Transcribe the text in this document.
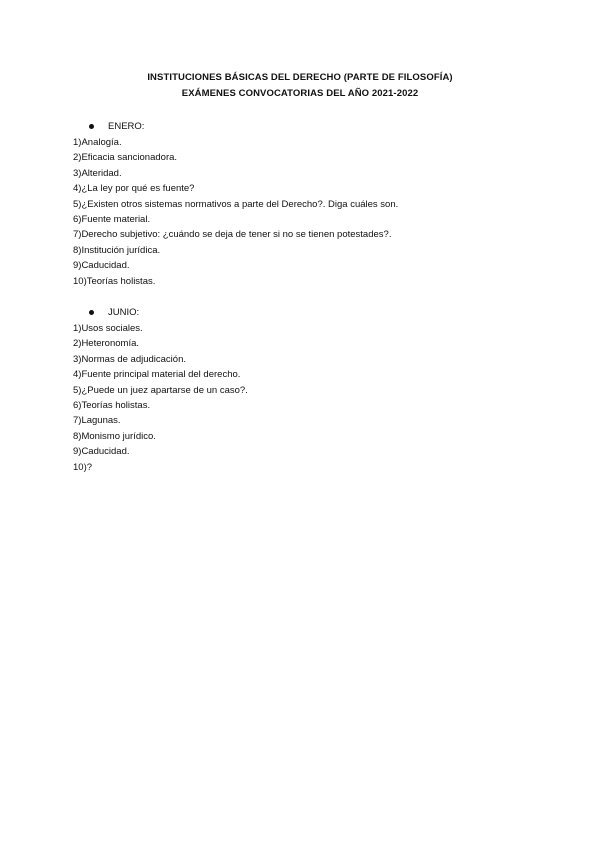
INSTITUCIONES BÁSICAS DEL DERECHO (PARTE DE FILOSOFÍA)
EXÁMENES CONVOCATORIAS DEL AÑO 2021-2022
ENERO:
1)Analogía.
2)Eficacia sancionadora.
3)Alteridad.
4)¿La ley por qué es fuente?
5)¿Existen otros sistemas normativos a parte del Derecho?. Diga cuáles son.
6)Fuente material.
7)Derecho subjetivo: ¿cuándo se deja de tener si no se tienen potestades?.
8)Institución jurídica.
9)Caducidad.
10)Teorías holistas.
JUNIO:
1)Usos sociales.
2)Heteronomía.
3)Normas de adjudicación.
4)Fuente principal material del derecho.
5)¿Puede un juez apartarse de un caso?.
6)Teorías holistas.
7)Lagunas.
8)Monismo jurídico.
9)Caducidad.
10)?
